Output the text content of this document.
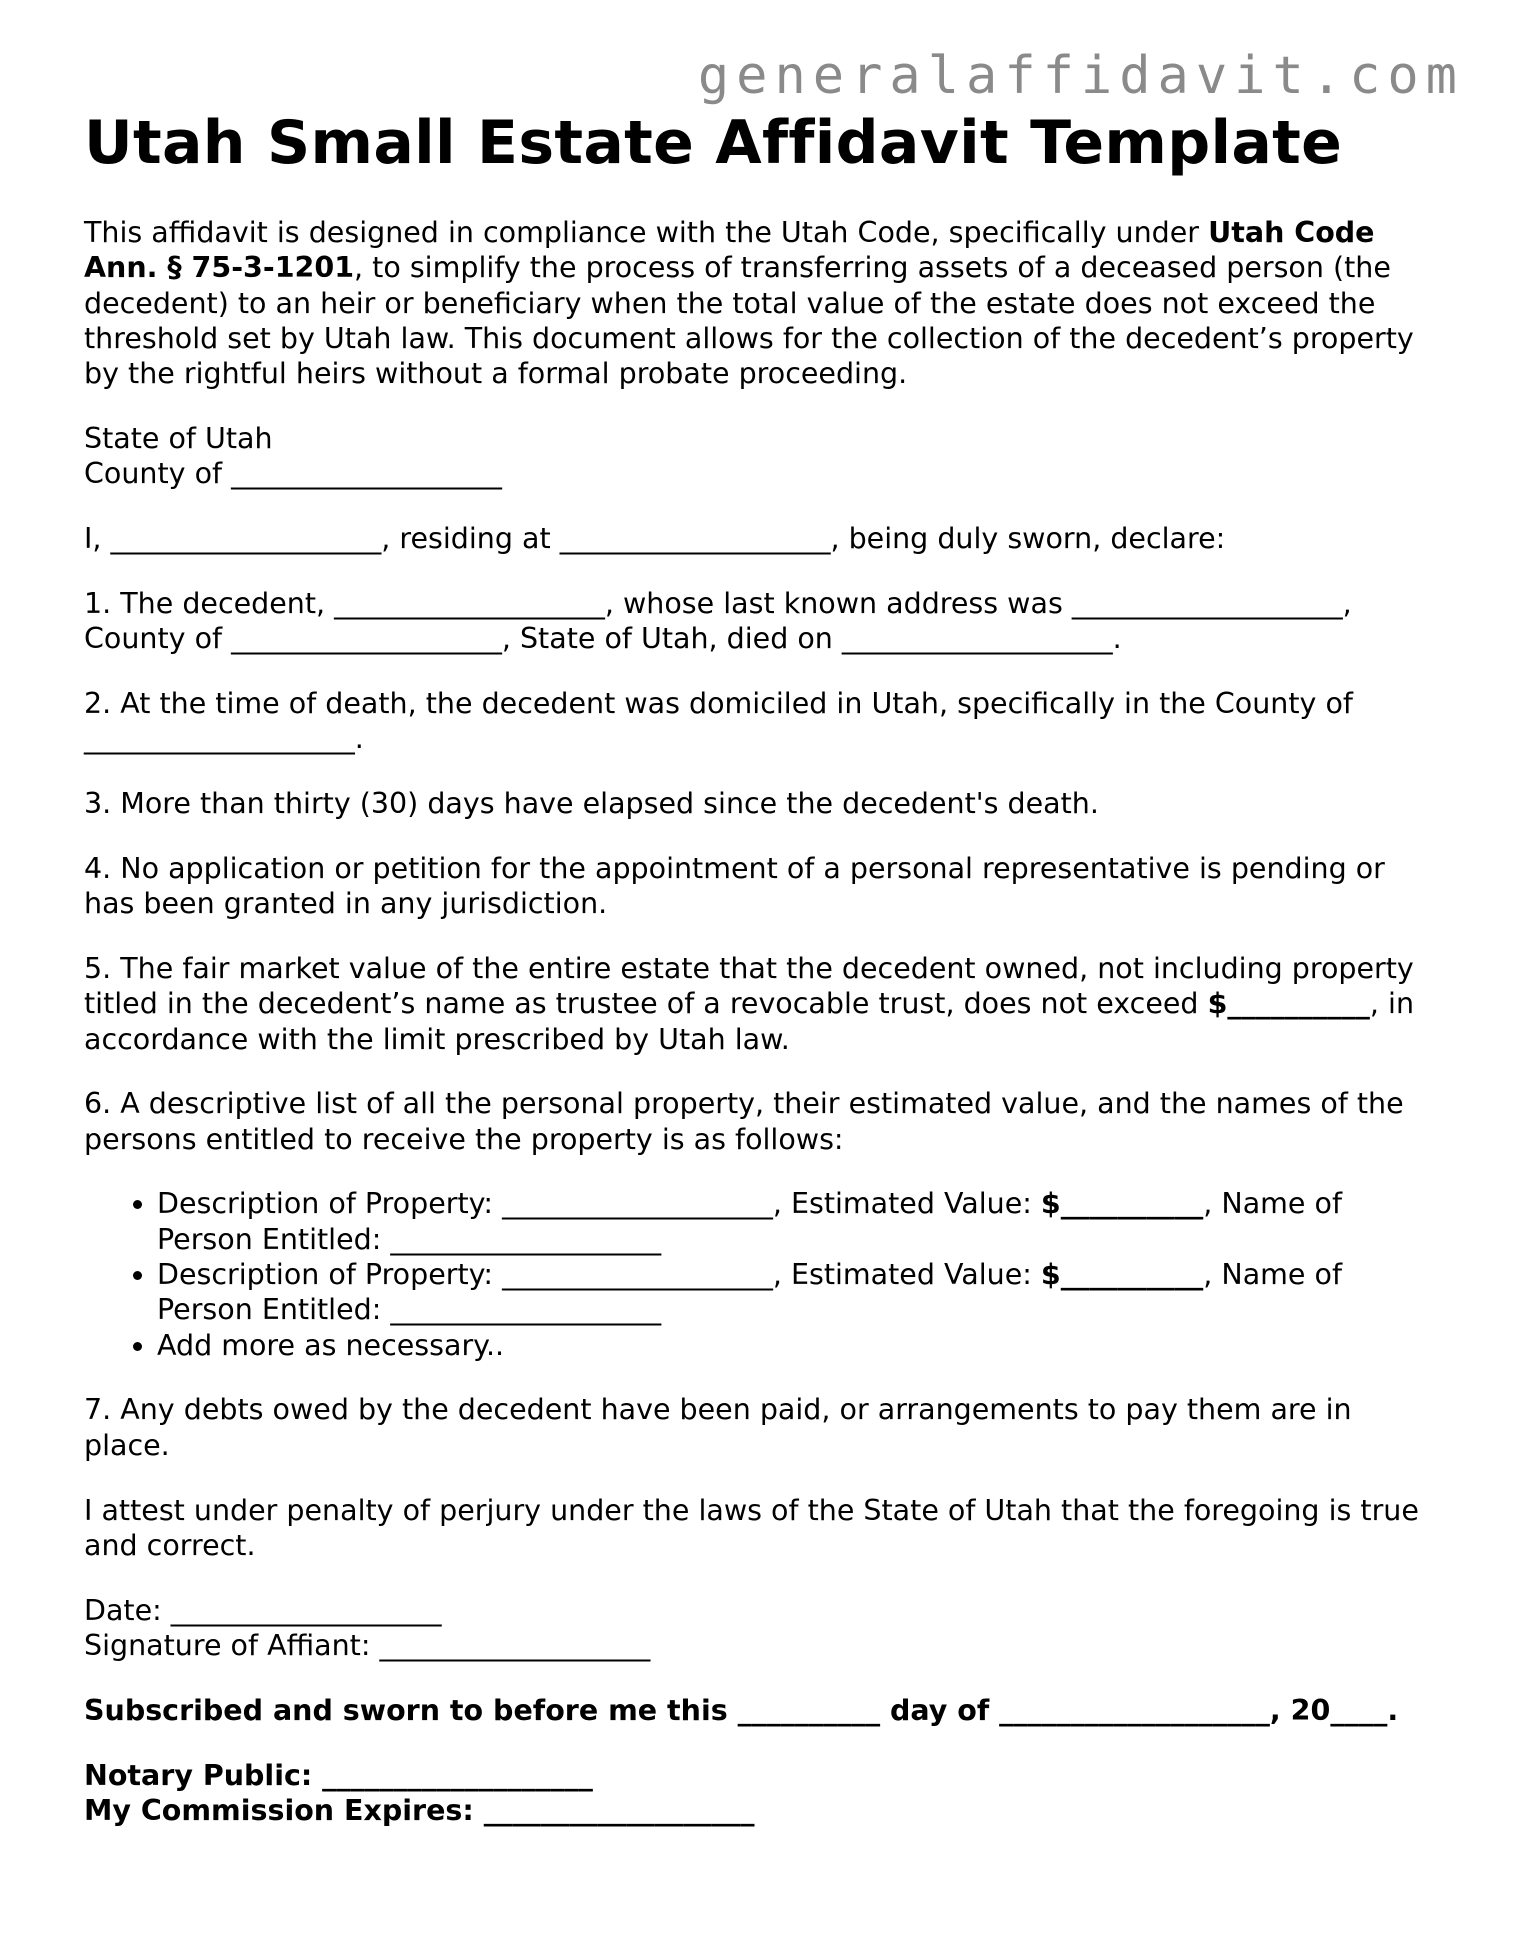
generalaffidavit.com
Utah Small Estate Affidavit Template

This affidavit is designed in compliance with the Utah Code, specifically under Utah Code Ann. § 75-3-1201, to simplify the process of transferring assets of a deceased person (the decedent) to an heir or beneficiary when the total value of the estate does not exceed the threshold set by Utah law. This document allows for the collection of the decedent’s property by the rightful heirs without a formal probate proceeding.

State of Utah
County of ___________________

I, ___________________, residing at ___________________, being duly sworn, declare:

1. The decedent, ___________________, whose last known address was ___________________, County of ___________________, State of Utah, died on ___________________.

2. At the time of death, the decedent was domiciled in Utah, specifically in the County of ___________________.

3. More than thirty (30) days have elapsed since the decedent's death.

4. No application or petition for the appointment of a personal representative is pending or has been granted in any jurisdiction.

5. The fair market value of the entire estate that the decedent owned, not including property titled in the decedent’s name as trustee of a revocable trust, does not exceed $__________, in accordance with the limit prescribed by Utah law.

6. A descriptive list of all the personal property, their estimated value, and the names of the persons entitled to receive the property is as follows:

• Description of Property: ___________________, Estimated Value: $__________, Name of Person Entitled: ___________________
• Description of Property: ___________________, Estimated Value: $__________, Name of Person Entitled: ___________________
• Add more as necessary..

7. Any debts owed by the decedent have been paid, or arrangements to pay them are in place.

I attest under penalty of perjury under the laws of the State of Utah that the foregoing is true and correct.

Date: ___________________
Signature of Affiant: ___________________

Subscribed and sworn to before me this __________ day of ___________________, 20____.

Notary Public: ___________________
My Commission Expires: ___________________
